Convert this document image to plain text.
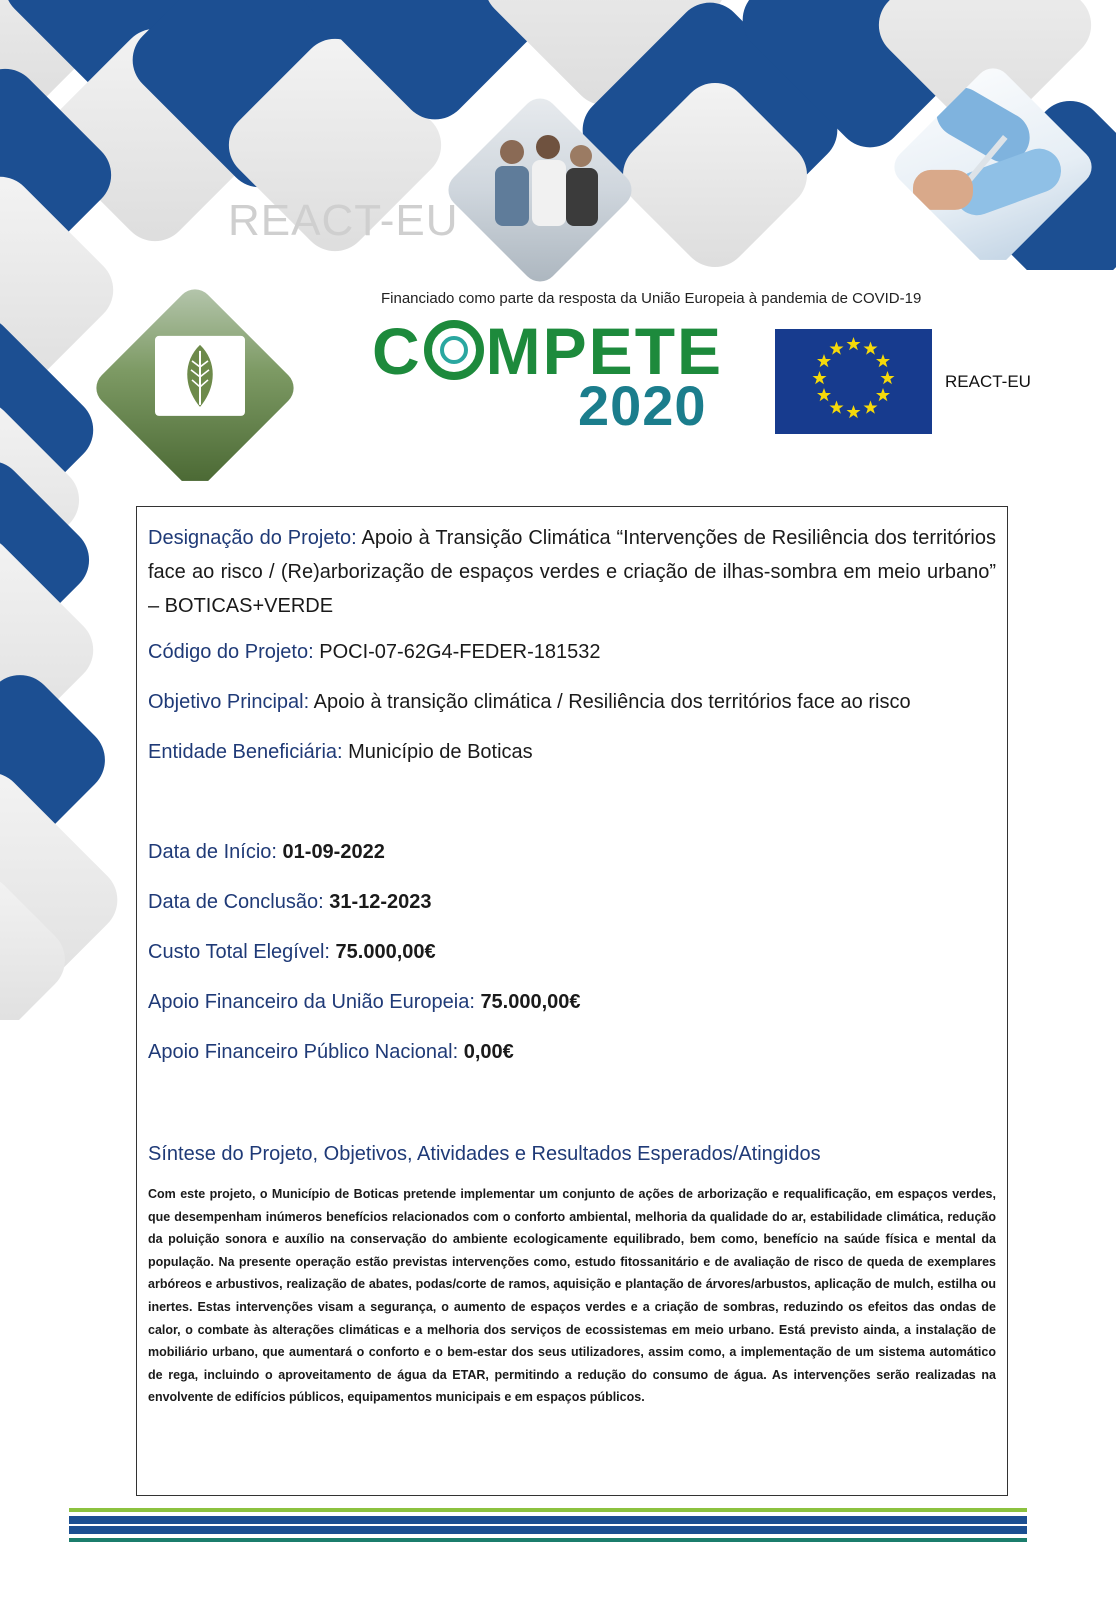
REACT-EU
Financiado como parte da resposta da União Europeia à pandemia de COVID-19
C MPETE
2020	REACT-EU
Designação do Projeto: Apoio à Transição Climática “Intervenções de Resiliência dos territórios face ao risco / (Re)arborização de espaços verdes e criação de ilhas-sombra em meio urbano” – BOTICAS+VERDE
Código do Projeto: POCI-07-62G4-FEDER-181532
Objetivo Principal: Apoio à transição climática / Resiliência dos territórios face ao risco
Entidade Beneficiária: Município de Boticas
Data de Início: 01-09-2022
Data de Conclusão: 31-12-2023
Custo Total Elegível: 75.000,00€
Apoio Financeiro da União Europeia: 75.000,00€
Apoio Financeiro Público Nacional: 0,00€
Síntese do Projeto, Objetivos, Atividades e Resultados Esperados/Atingidos
Com este projeto, o Município de Boticas pretende implementar um conjunto de ações de arborização e requalificação, em espaços verdes, que desempenham inúmeros benefícios relacionados com o conforto ambiental, melhoria da qualidade do ar, estabilidade climática, redução da poluição sonora e auxílio na conservação do ambiente ecologicamente equilibrado, bem como, benefício na saúde física e mental da população. Na presente operação estão previstas intervenções como, estudo fitossanitário e de avaliação de risco de queda de exemplares arbóreos e arbustivos, realização de abates, podas/corte de ramos, aquisição e plantação de árvores/arbustos, aplicação de mulch, estilha ou inertes. Estas intervenções visam a segurança, o aumento de espaços verdes e a criação de sombras, reduzindo os efeitos das ondas de calor, o combate às alterações climáticas e a melhoria dos serviços de ecossistemas em meio urbano. Está previsto ainda, a instalação de mobiliário urbano, que aumentará o conforto e o bem-estar dos seus utilizadores, assim como, a implementação de um sistema automático de rega, incluindo o aproveitamento de água da ETAR, permitindo a redução do consumo de água. As intervenções serão realizadas na envolvente de edifícios públicos, equipamentos municipais e em espaços públicos.
